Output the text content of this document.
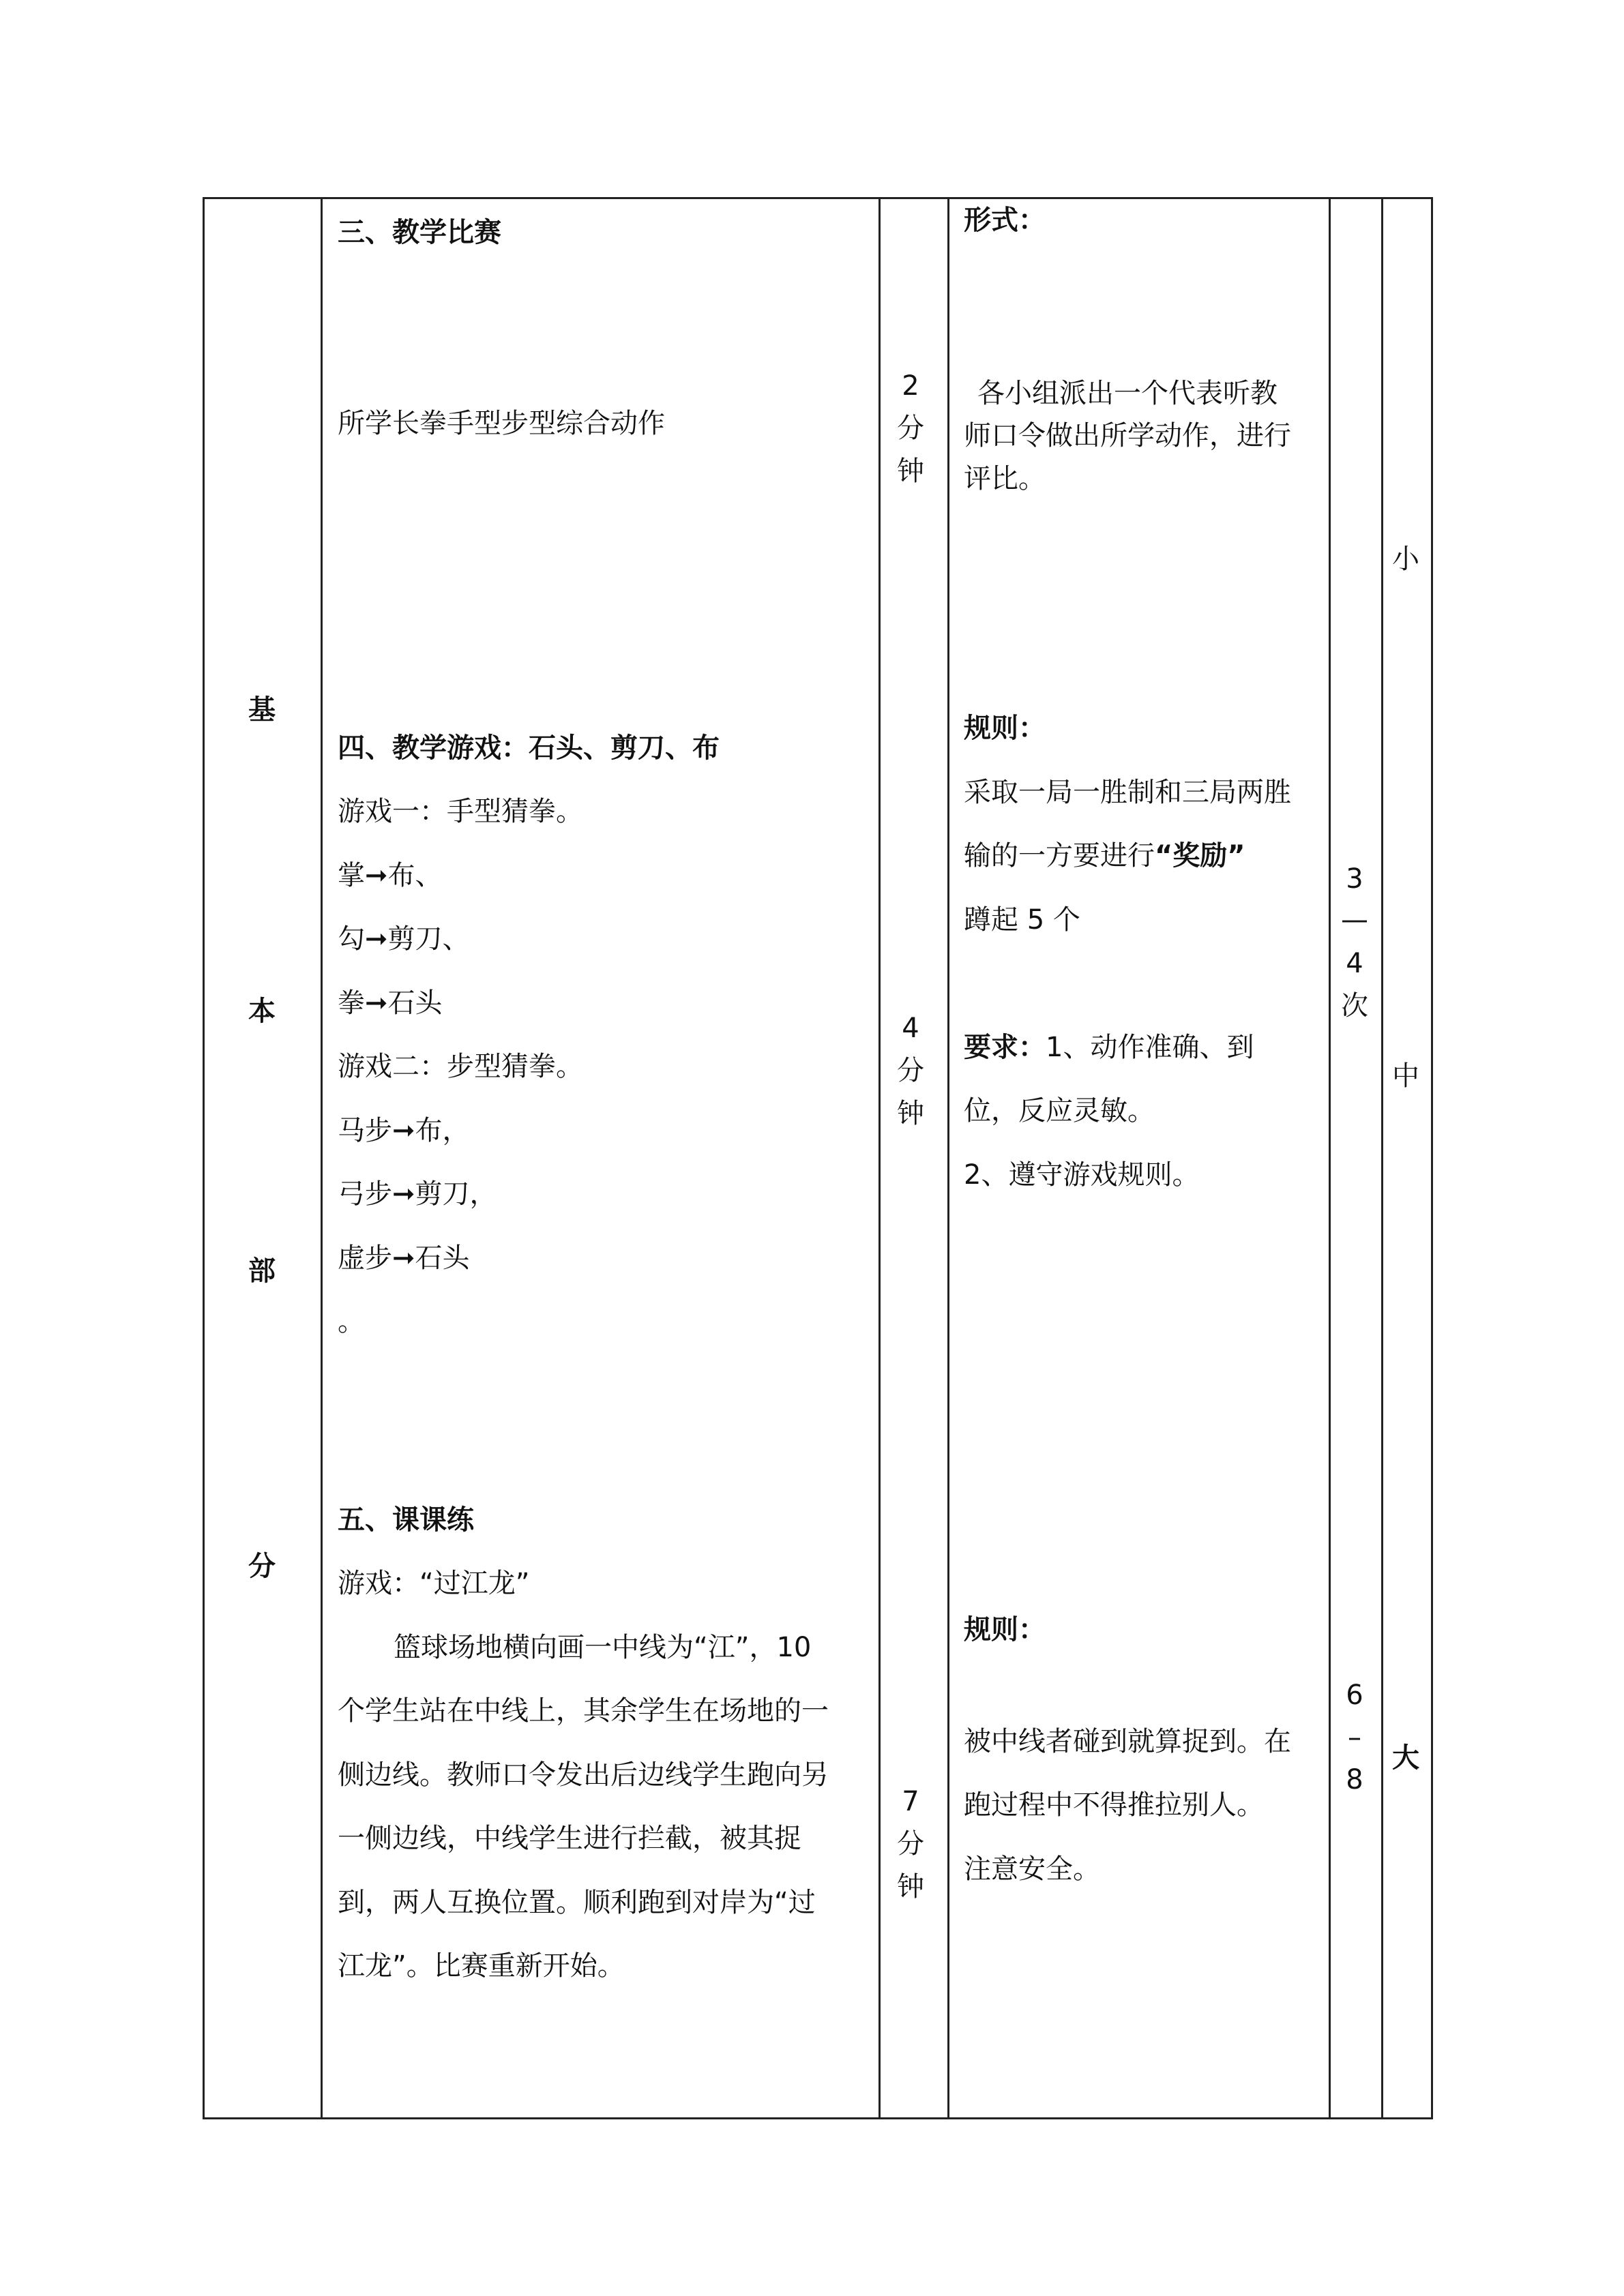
基
本
部
分
三、教学比赛
所学长拳手型步型综合动作
四、教学游戏：石头、剪刀、布
游戏一：手型猜拳。
掌➞布、
勾➞剪刀、
拳➞石头
游戏二：步型猜拳。
马步➞布，
弓步➞剪刀，
虚步➞石头
。
五、课课练
游戏：“过江龙”
篮球场地横向画一中线为“江”，10
个学生站在中线上，其余学生在场地的一
侧边线。教师口令发出后边线学生跑向另
一侧边线，中线学生进行拦截，被其捉
到，两人互换位置。顺利跑到对岸为“过
江龙”。比赛重新开始。
2
分
钟
4
分
钟
7
分
钟
形式：
各小组派出一个代表听教
师口令做出所学动作，进行
评比。
规则：
采取一局一胜制和三局两胜
输的一方要进行“奖励”
蹲起 5 个
要求：1、动作准确、到
位，反应灵敏。
2、遵守游戏规则。
规则：
被中线者碰到就算捉到。在
跑过程中不得推拉别人。
注意安全。
3
—
4
次
6
–
8
小
中
大
